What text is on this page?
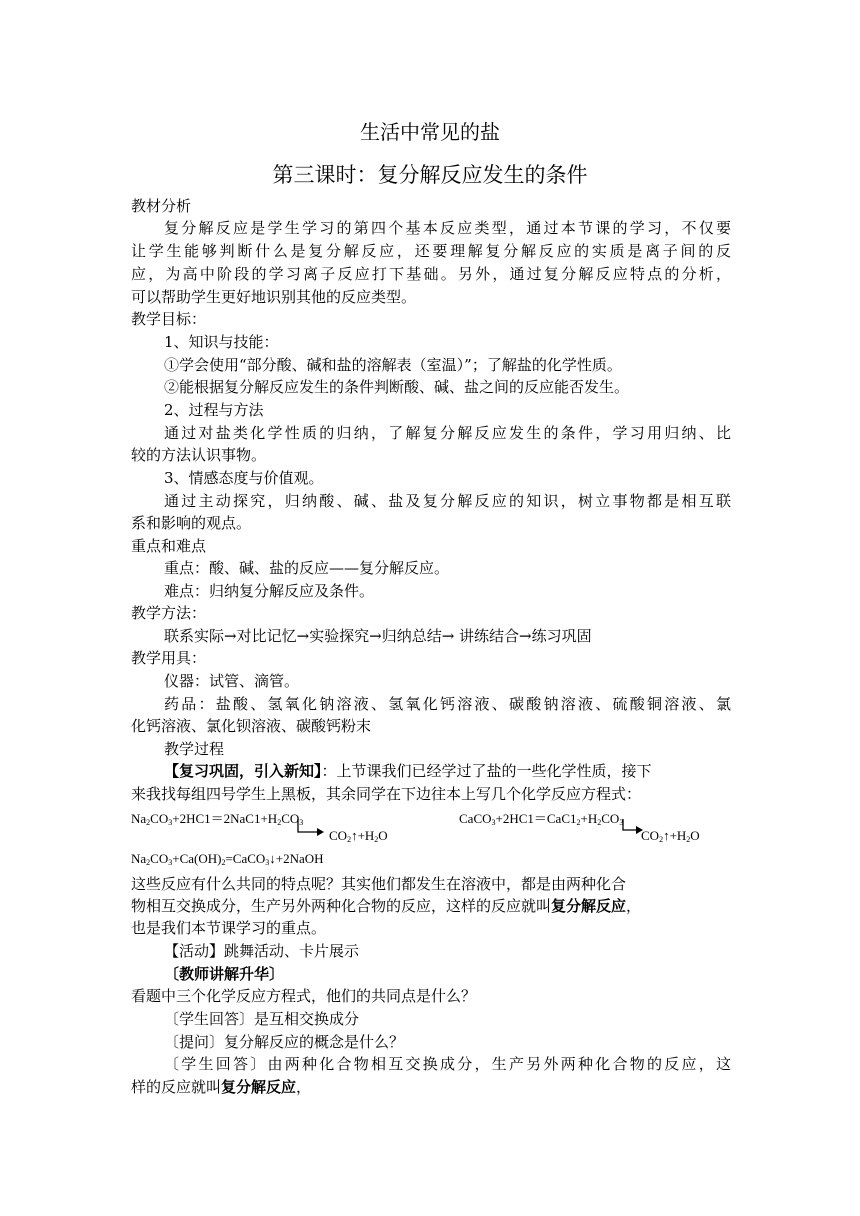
生活中常见的盐
第三课时：复分解反应发生的条件
教材分析
复分解反应是学生学习的第四个基本反应类型，通过本节课的学习，不仅要
让学生能够判断什么是复分解反应，还要理解复分解反应的实质是离子间的反
应，为高中阶段的学习离子反应打下基础。另外，通过复分解反应特点的分析，
可以帮助学生更好地识别其他的反应类型。
教学目标：
1、知识与技能：
①学会使用“部分酸、碱和盐的溶解表（室温）”；了解盐的化学性质。
②能根据复分解反应发生的条件判断酸、碱、盐之间的反应能否发生。
2、过程与方法
通过对盐类化学性质的归纳，了解复分解反应发生的条件，学习用归纳、比
较的方法认识事物。
3、情感态度与价值观。
通过主动探究，归纳酸、碱、盐及复分解反应的知识，树立事物都是相互联
系和影响的观点。
重点和难点
重点：酸、碱、盐的反应——复分解反应。
难点：归纳复分解反应及条件。
教学方法：
联系实际→对比记忆→实验探究→归纳总结→ 讲练结合→练习巩固
教学用具：
仪器：试管、滴管。
药品：盐酸、氢氧化钠溶液、氢氧化钙溶液、碳酸钠溶液、硫酸铜溶液、氯
化钙溶液、氯化钡溶液、碳酸钙粉末
教学过程
【复习巩固，引入新知】：上节课我们已经学过了盐的一些化学性质，接下
来我找每组四号学生上黑板，其余同学在下边往本上写几个化学反应方程式：
$Na_2CO_3+2HC1=2NaC1+H_2CO_3$
$CO_2↑+H_2O$
$CaCO_3+2HC1=CaC1_2+H_2CO_3$
$CO_2↑+H_2O$
$Na_2CO_3+Ca(OH)_2=CaCO_3↓+2NaOH$
这些反应有什么共同的特点呢？其实他们都发生在溶液中，都是由两种化合
物相互交换成分，生产另外两种化合物的反应，这样的反应就叫复分解反应，
也是我们本节课学习的重点。
【活动】跳舞活动、卡片展示
〔教师讲解升华〕
看题中三个化学反应方程式，他们的共同点是什么？
〔学生回答〕是互相交换成分
〔提问〕复分解反应的概念是什么？
〔学生回答〕由两种化合物相互交换成分，生产另外两种化合物的反应，这
样的反应就叫复分解反应，
